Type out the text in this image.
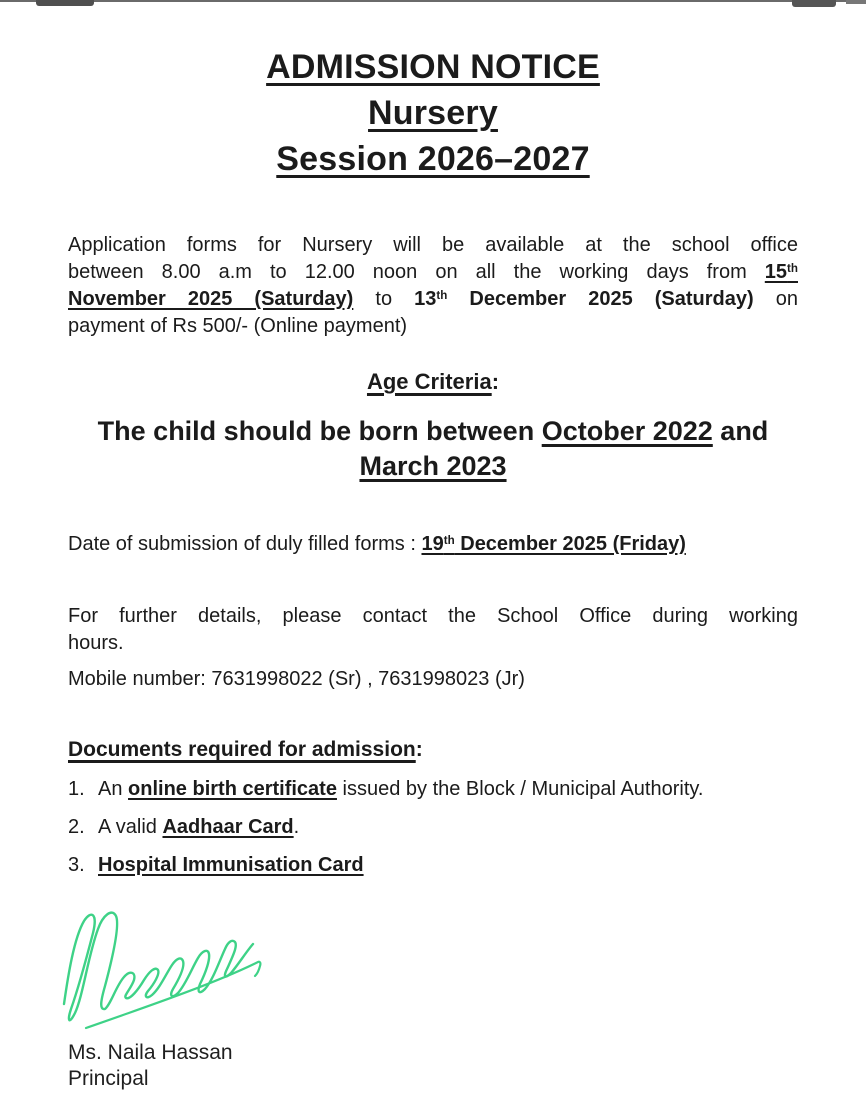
ADMISSION NOTICE
Nursery
Session 2026–2027
Application forms for Nursery will be available at the school office
between 8.00 a.m to 12.00 noon on all the working days from 15th
November 2025 (Saturday) to 13th December 2025 (Saturday) on
payment of Rs 500/- (Online payment)
Age Criteria:
The child should be born between October 2022 and
March 2023
Date of submission of duly filled forms : 19th December 2025 (Friday)
For further details, please contact the School Office during working
hours.
Mobile number: 7631998022 (Sr) , 7631998023 (Jr)
Documents required for admission:
1. An online birth certificate issued by the Block / Municipal Authority.
2. A valid Aadhaar Card.
3. Hospital Immunisation Card
Ms. Naila Hassan
Principal
